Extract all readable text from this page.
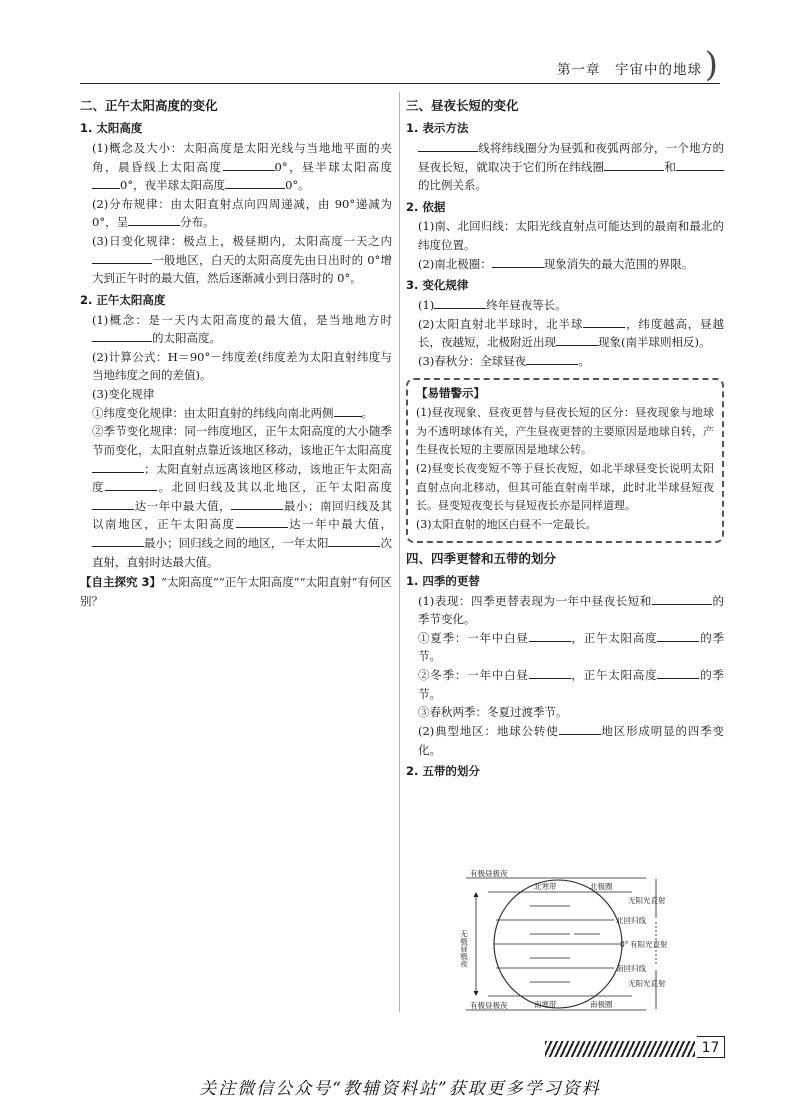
第一章　宇宙中的地球 )
二、正午太阳高度的变化
1. 太阳高度

(1)概念及大小：太阳高度是太阳光线与当地地平面的夹角，晨昏线上太阳高度	0°，昼半球太阳高度0°，夜半球太阳高度	0°。

(2)分布规律：由太阳直射点向四周递减，由 90°递减为 0°，呈	分布。

(3)日变化规律：极点上，极昼期内，太阳高度一天之内一般地区，白天的太阳高度先由日出时的 0°增大到正午时的最大值，然后逐渐减小到日落时的 0°。

2. 正午太阳高度

(1)概念：是一天内太阳高度的最大值，是当地地方时的太阳高度。

(2)计算公式：H＝90°－纬度差(纬度差为太阳直射纬度与当地纬度之间的差值)。

(3)变化规律

①纬度变化规律：由太阳直射的纬线向南北两侧 。

②季节变化规律：同一纬度地区，正午太阳高度的大小随季节而变化，太阳直射点靠近该地区移动，该地正午太阳高度；太阳直射点远离该地区移动，该地正午太阳高度	。北回归线及其以北地区，正午太阳高度达一年中最大值，	最小；南回归线及其以南地区，正午太阳高度	达一年中最大值，最小；回归线之间的地区，一年太阳	次直射，直射时达最大值。

【自主探究 3】“太阳高度”“正午太阳高度”“太阳直射”有何区别？

三、昼夜长短的变化
1. 表示方法

线将纬线圈分为昼弧和夜弧两部分，一个地方的昼夜长短，就取决于它们所在纬线圈	和的比例关系。

2. 依据

(1)南、北回归线：太阳光线直射点可能达到的最南和最北的纬度位置。

(2)南北极圈：	现象消失的最大范围的界限。

3. 变化规律

(1)	终年昼夜等长。

(2)太阳直射北半球时，北半球	，纬度越高，昼越长，夜越短，北极附近出现	现象(南半球则相反)。

(3)春秋分：全球昼夜	。

【易错警示】

(1)昼夜现象、昼夜更替与昼夜长短的区分：昼夜现象与地球为不透明球体有关，产生昼夜更替的主要原因是地球自转，产生昼夜长短的主要原因是地球公转。

(2)昼变长夜变短不等于昼长夜短，如北半球昼变长说明太阳直射点向北移动，但其可能直射南半球，此时北半球昼短夜长。昼变短夜变长与昼短夜长亦是同样道理。

(3)太阳直射的地区白昼不一定最长。

四、四季更替和五带的划分
1. 四季的更替

(1)表现：四季更替表现为一年中昼夜长短和	的季节变化。

①夏季：一年中白昼	，正午太阳高度	的季节。

②冬季：一年中白昼	，正午太阳高度	的季节。

③春秋两季：冬夏过渡季节。

(2)典型地区：地球公转使	地区形成明显的四季变化。

2. 五带的划分
有极昼极夜
有极昼极夜
北寒带
南寒带
北极圈
南极圈
北回归线
南回归线
0°
无阳光直射
有阳光直射
无阳光直射
无极昼极夜
17
关注微信公众号“教辅资料站”获取更多学习资料
